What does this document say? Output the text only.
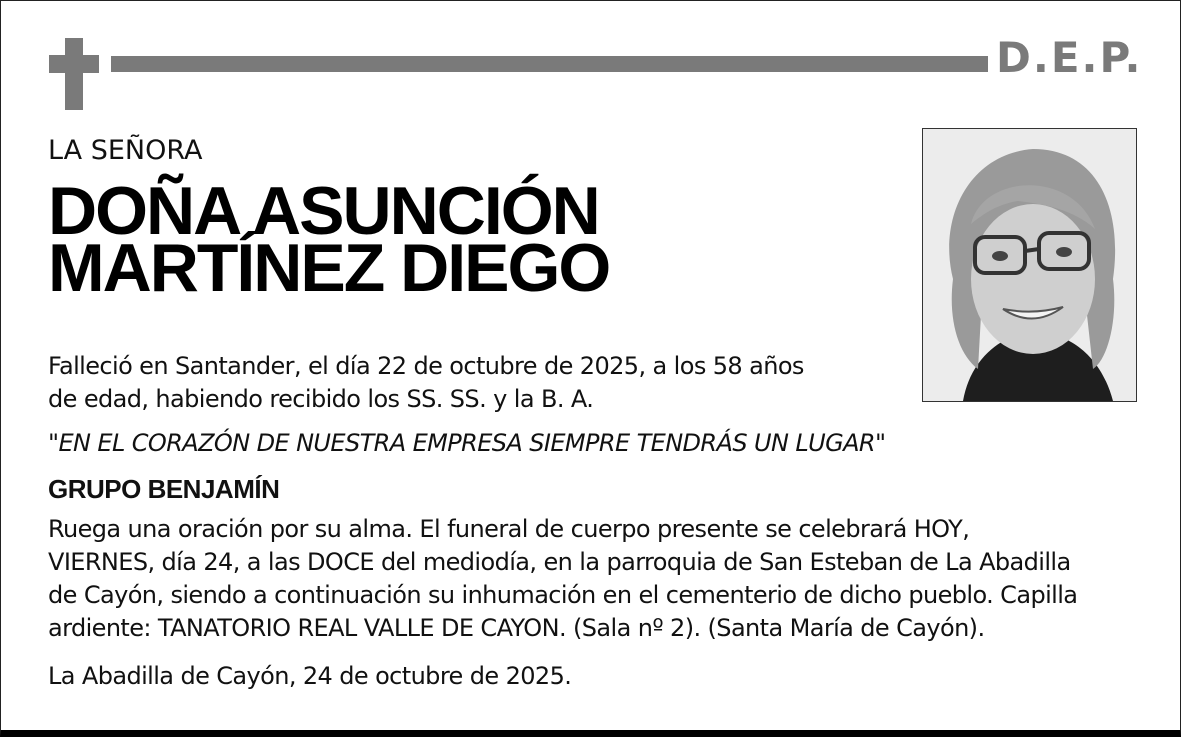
D.E.P.
LA SEÑORA
DOÑA ASUNCIÓN
MARTÍNEZ DIEGO
Falleció en Santander, el día 22 de octubre de 2025, a los 58 años
de edad, habiendo recibido los SS. SS. y la B. A.
"EN EL CORAZÓN DE NUESTRA EMPRESA SIEMPRE TENDRÁS UN LUGAR"
GRUPO BENJAMÍN
Ruega una oración por su alma. El funeral de cuerpo presente se celebrará HOY,
VIERNES, día 24, a las DOCE del mediodía, en la parroquia de San Esteban de La Abadilla
de Cayón, siendo a continuación su inhumación en el cementerio de dicho pueblo. Capilla
ardiente: TANATORIO REAL VALLE DE CAYON. (Sala nº 2). (Santa María de Cayón).
La Abadilla de Cayón, 24 de octubre de 2025.
